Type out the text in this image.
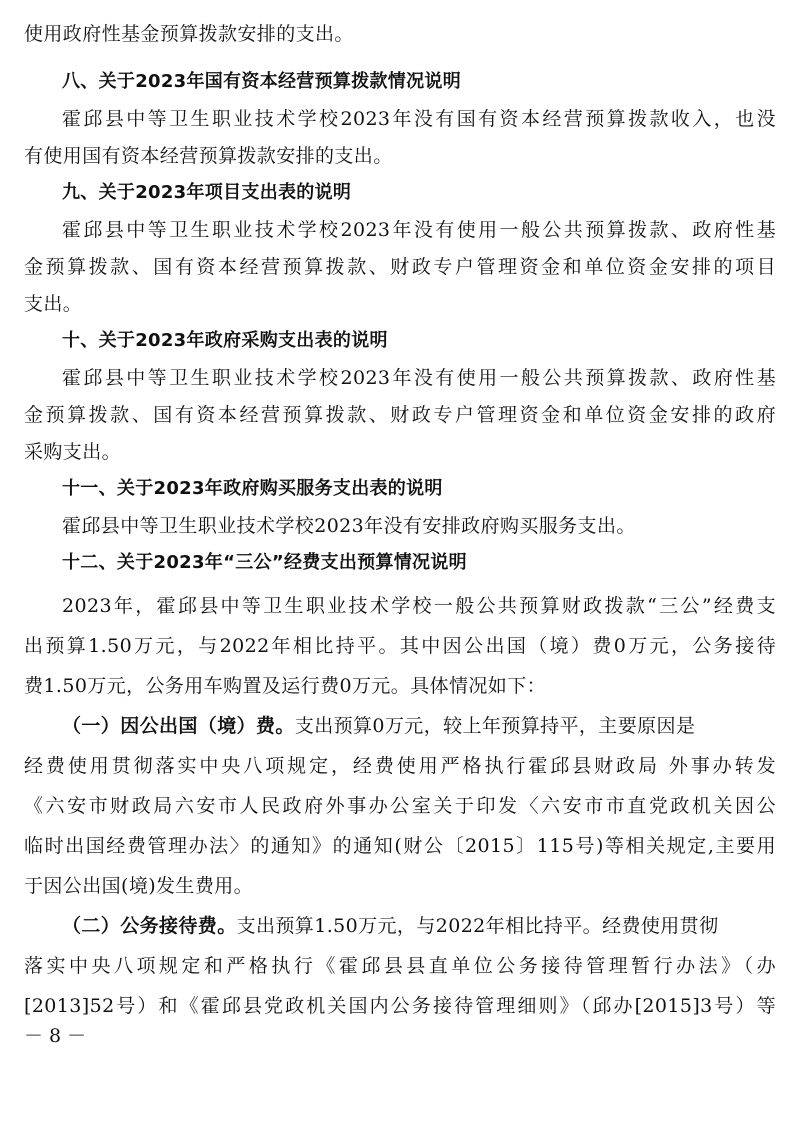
使用政府性基金预算拨款安排的支出。
八、关于2023年国有资本经营预算拨款情况说明
霍邱县中等卫生职业技术学校2023年没有国有资本经营预算拨款收入，也没
有使用国有资本经营预算拨款安排的支出。
九、关于2023年项目支出表的说明
霍邱县中等卫生职业技术学校2023年没有使用一般公共预算拨款、政府性基
金预算拨款、国有资本经营预算拨款、财政专户管理资金和单位资金安排的项目
支出。
十、关于2023年政府采购支出表的说明
霍邱县中等卫生职业技术学校2023年没有使用一般公共预算拨款、政府性基
金预算拨款、国有资本经营预算拨款、财政专户管理资金和单位资金安排的政府
采购支出。
十一、关于2023年政府购买服务支出表的说明
霍邱县中等卫生职业技术学校2023年没有安排政府购买服务支出。
十二、关于2023年“三公”经费支出预算情况说明
2023年，霍邱县中等卫生职业技术学校一般公共预算财政拨款“三公”经费支
出预算1.50万元，与2022年相比持平。其中因公出国（境）费0万元，公务接待
费1.50万元，公务用车购置及运行费0万元。具体情况如下：
（一）因公出国（境）费。支出预算0万元，较上年预算持平，主要原因是
经费使用贯彻落实中央八项规定，经费使用严格执行霍邱县财政局 外事办转发
《六安市财政局六安市人民政府外事办公室关于印发〈六安市市直党政机关因公
临时出国经费管理办法〉的通知》的通知(财公〔2015〕115号)等相关规定,主要用
于因公出国(境)发生费用。
（二）公务接待费。支出预算1.50万元，与2022年相比持平。经费使用贯彻
落实中央八项规定和严格执行《霍邱县县直单位公务接待管理暂行办法》（办
[2013]52号）和《霍邱县党政机关国内公务接待管理细则》（邱办[2015]3号）等
－ 8 －
